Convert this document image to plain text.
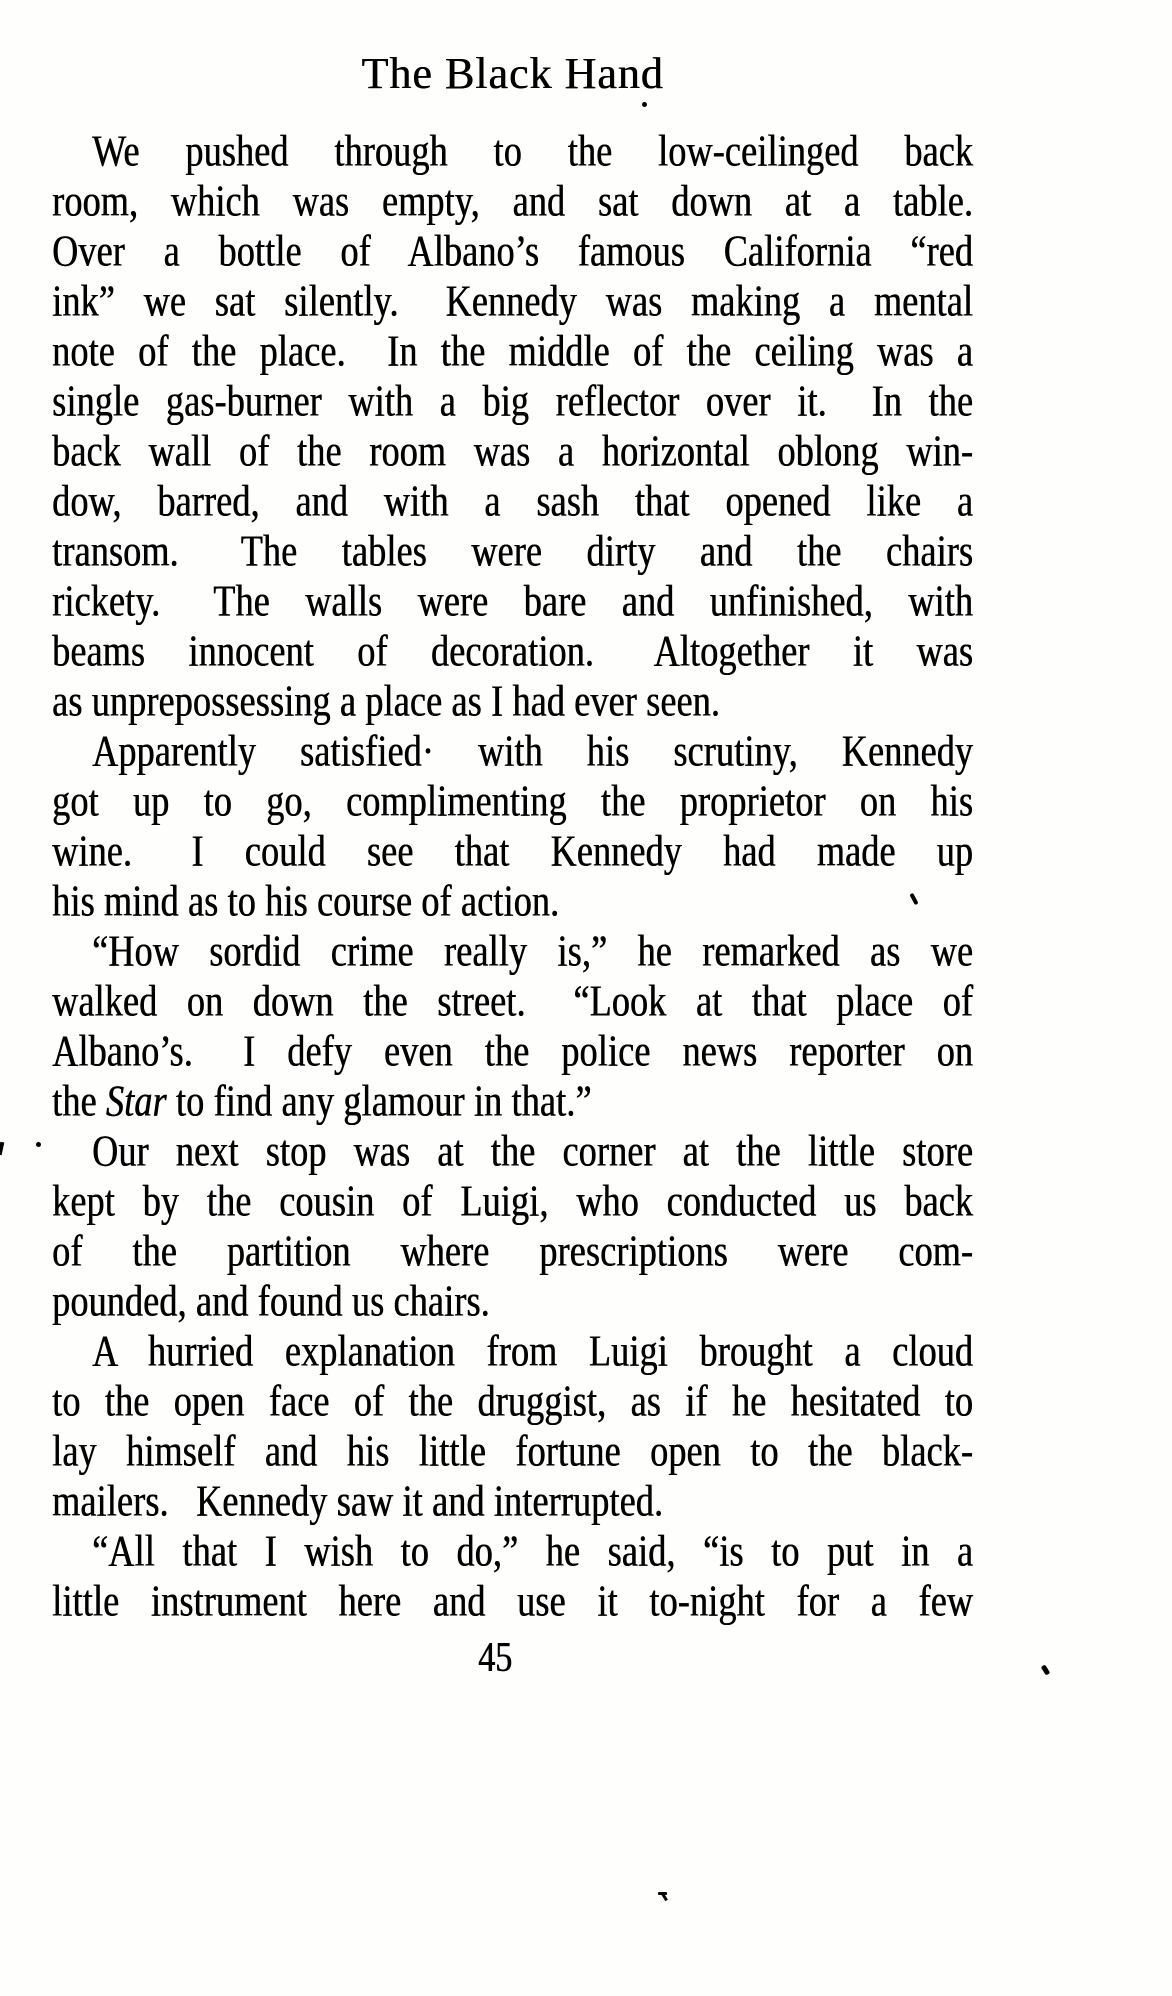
The Black Hand
We pushed through to the low-ceilinged back
room, which was empty, and sat down at a table.
Over a bottle of Albano’s famous California “red
ink” we sat silently.  Kennedy was making a mental
note of the place.  In the middle of the ceiling was a
single gas-burner with a big reflector over it.  In the
back wall of the room was a horizontal oblong win-
dow, barred, and with a sash that opened like a
transom.  The tables were dirty and the chairs
rickety.  The walls were bare and unfinished, with
beams innocent of decoration.  Altogether it was
as unprepossessing a place as I had ever seen.
Apparently satisfied· with his scrutiny, Kennedy
got up to go, complimenting the proprietor on his
wine.  I could see that Kennedy had made up
his mind as to his course of action.
“How sordid crime really is,” he remarked as we
walked on down the street.  “Look at that place of
Albano’s.  I defy even the police news reporter on
the Star to find any glamour in that.”
Our next stop was at the corner at the little store
kept by the cousin of Luigi, who conducted us back
of the partition where prescriptions were com-
pounded, and found us chairs.
A hurried explanation from Luigi brought a cloud
to the open face of the druggist, as if he hesitated to
lay himself and his little fortune open to the black-
mailers.  Kennedy saw it and interrupted.
“All that I wish to do,” he said, “is to put in a
little instrument here and use it to-night for a few
45
